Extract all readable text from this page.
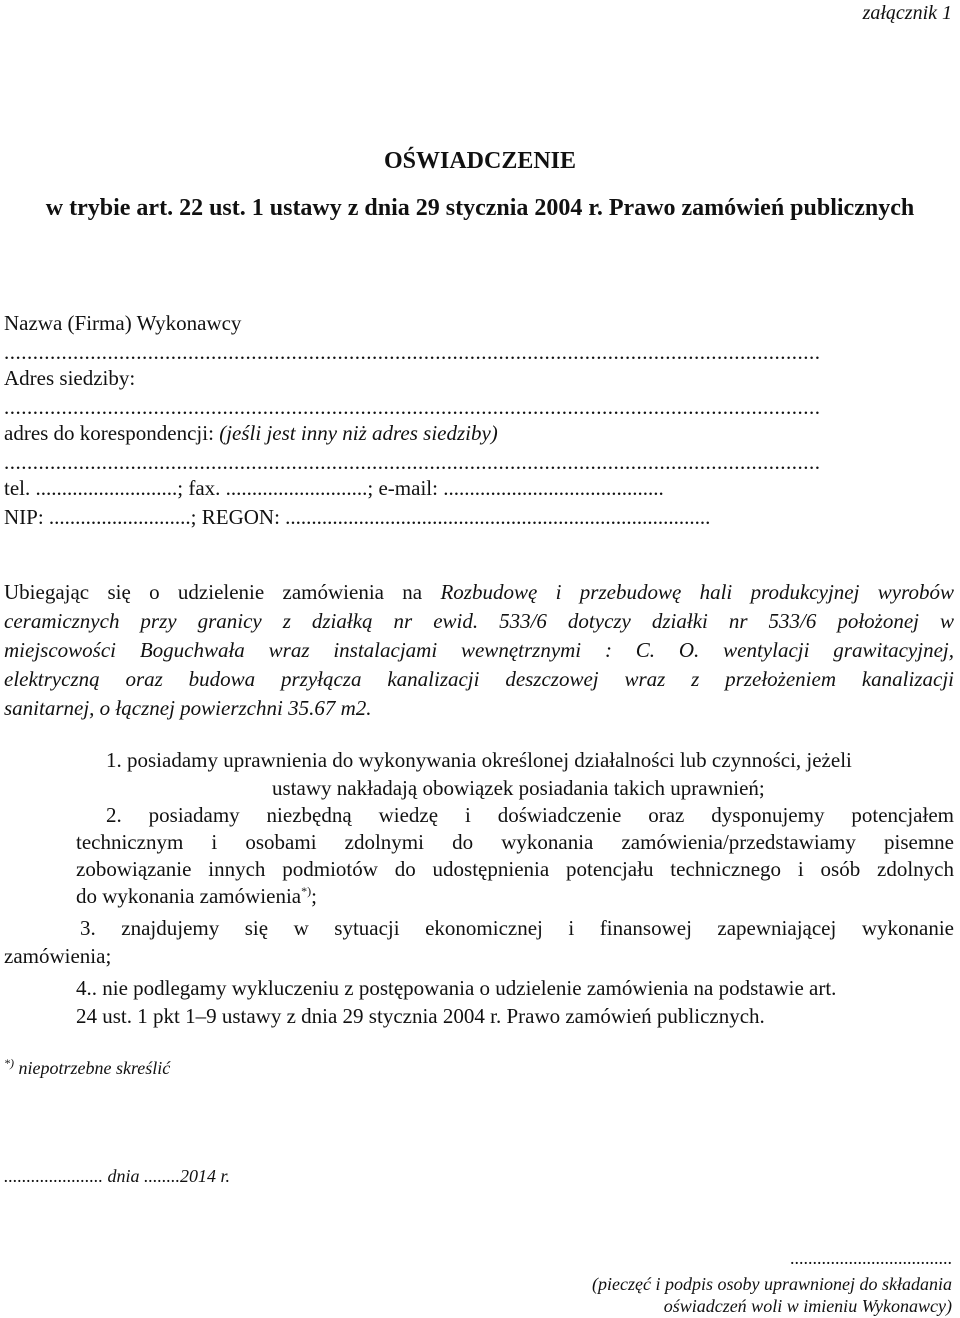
załącznik 1
OŚWIADCZENIE
w trybie art. 22 ust. 1 ustawy z dnia 29 stycznia 2004 r. Prawo zamówień publicznych
Nazwa (Firma) Wykonawcy
..............................................................................................................................................
Adres siedziby:
..............................................................................................................................................
adres do korespondencji: (jeśli jest inny niż adres siedziby)
..............................................................................................................................................
tel. ...........................; fax. ...........................; e-mail: ..........................................
NIP: ...........................; REGON: .................................................................................
Ubiegając się o udzielenie zamówienia na Rozbudowę i przebudowę hali produkcyjnej wyrobów
ceramicznych przy granicy z działką nr ewid. 533/6 dotyczy działki nr 533/6 położonej w
miejscowości Boguchwała wraz instalacjami wewnętrznymi : C. O. wentylacji grawitacyjnej,
elektryczną oraz budowa przyłącza kanalizacji deszczowej wraz z przełożeniem kanalizacji
sanitarnej, o łącznej powierzchni 35.67 m2.
1. posiadamy uprawnienia do wykonywania określonej działalności lub czynności, jeżeli
ustawy nakładają obowiązek posiadania takich uprawnień;
2. posiadamy niezbędną wiedzę i doświadczenie oraz dysponujemy potencjałem
technicznym i osobami zdolnymi do wykonania zamówienia/przedstawiamy pisemne
zobowiązanie innych podmiotów do udostępnienia potencjału technicznego i osób zdolnych
do wykonania zamówienia*);
3. znajdujemy się w sytuacji ekonomicznej i finansowej zapewniającej wykonanie
zamówienia;
4.. nie podlegamy wykluczeniu z postępowania o udzielenie zamówienia na podstawie art.
24 ust. 1 pkt 1–9 ustawy z dnia 29 stycznia 2004 r. Prawo zamówień publicznych.
*) niepotrzebne skreślić
...................... dnia ........2014 r.
....................................
(pieczęć i podpis osoby uprawnionej do składania
oświadczeń woli w imieniu Wykonawcy)
